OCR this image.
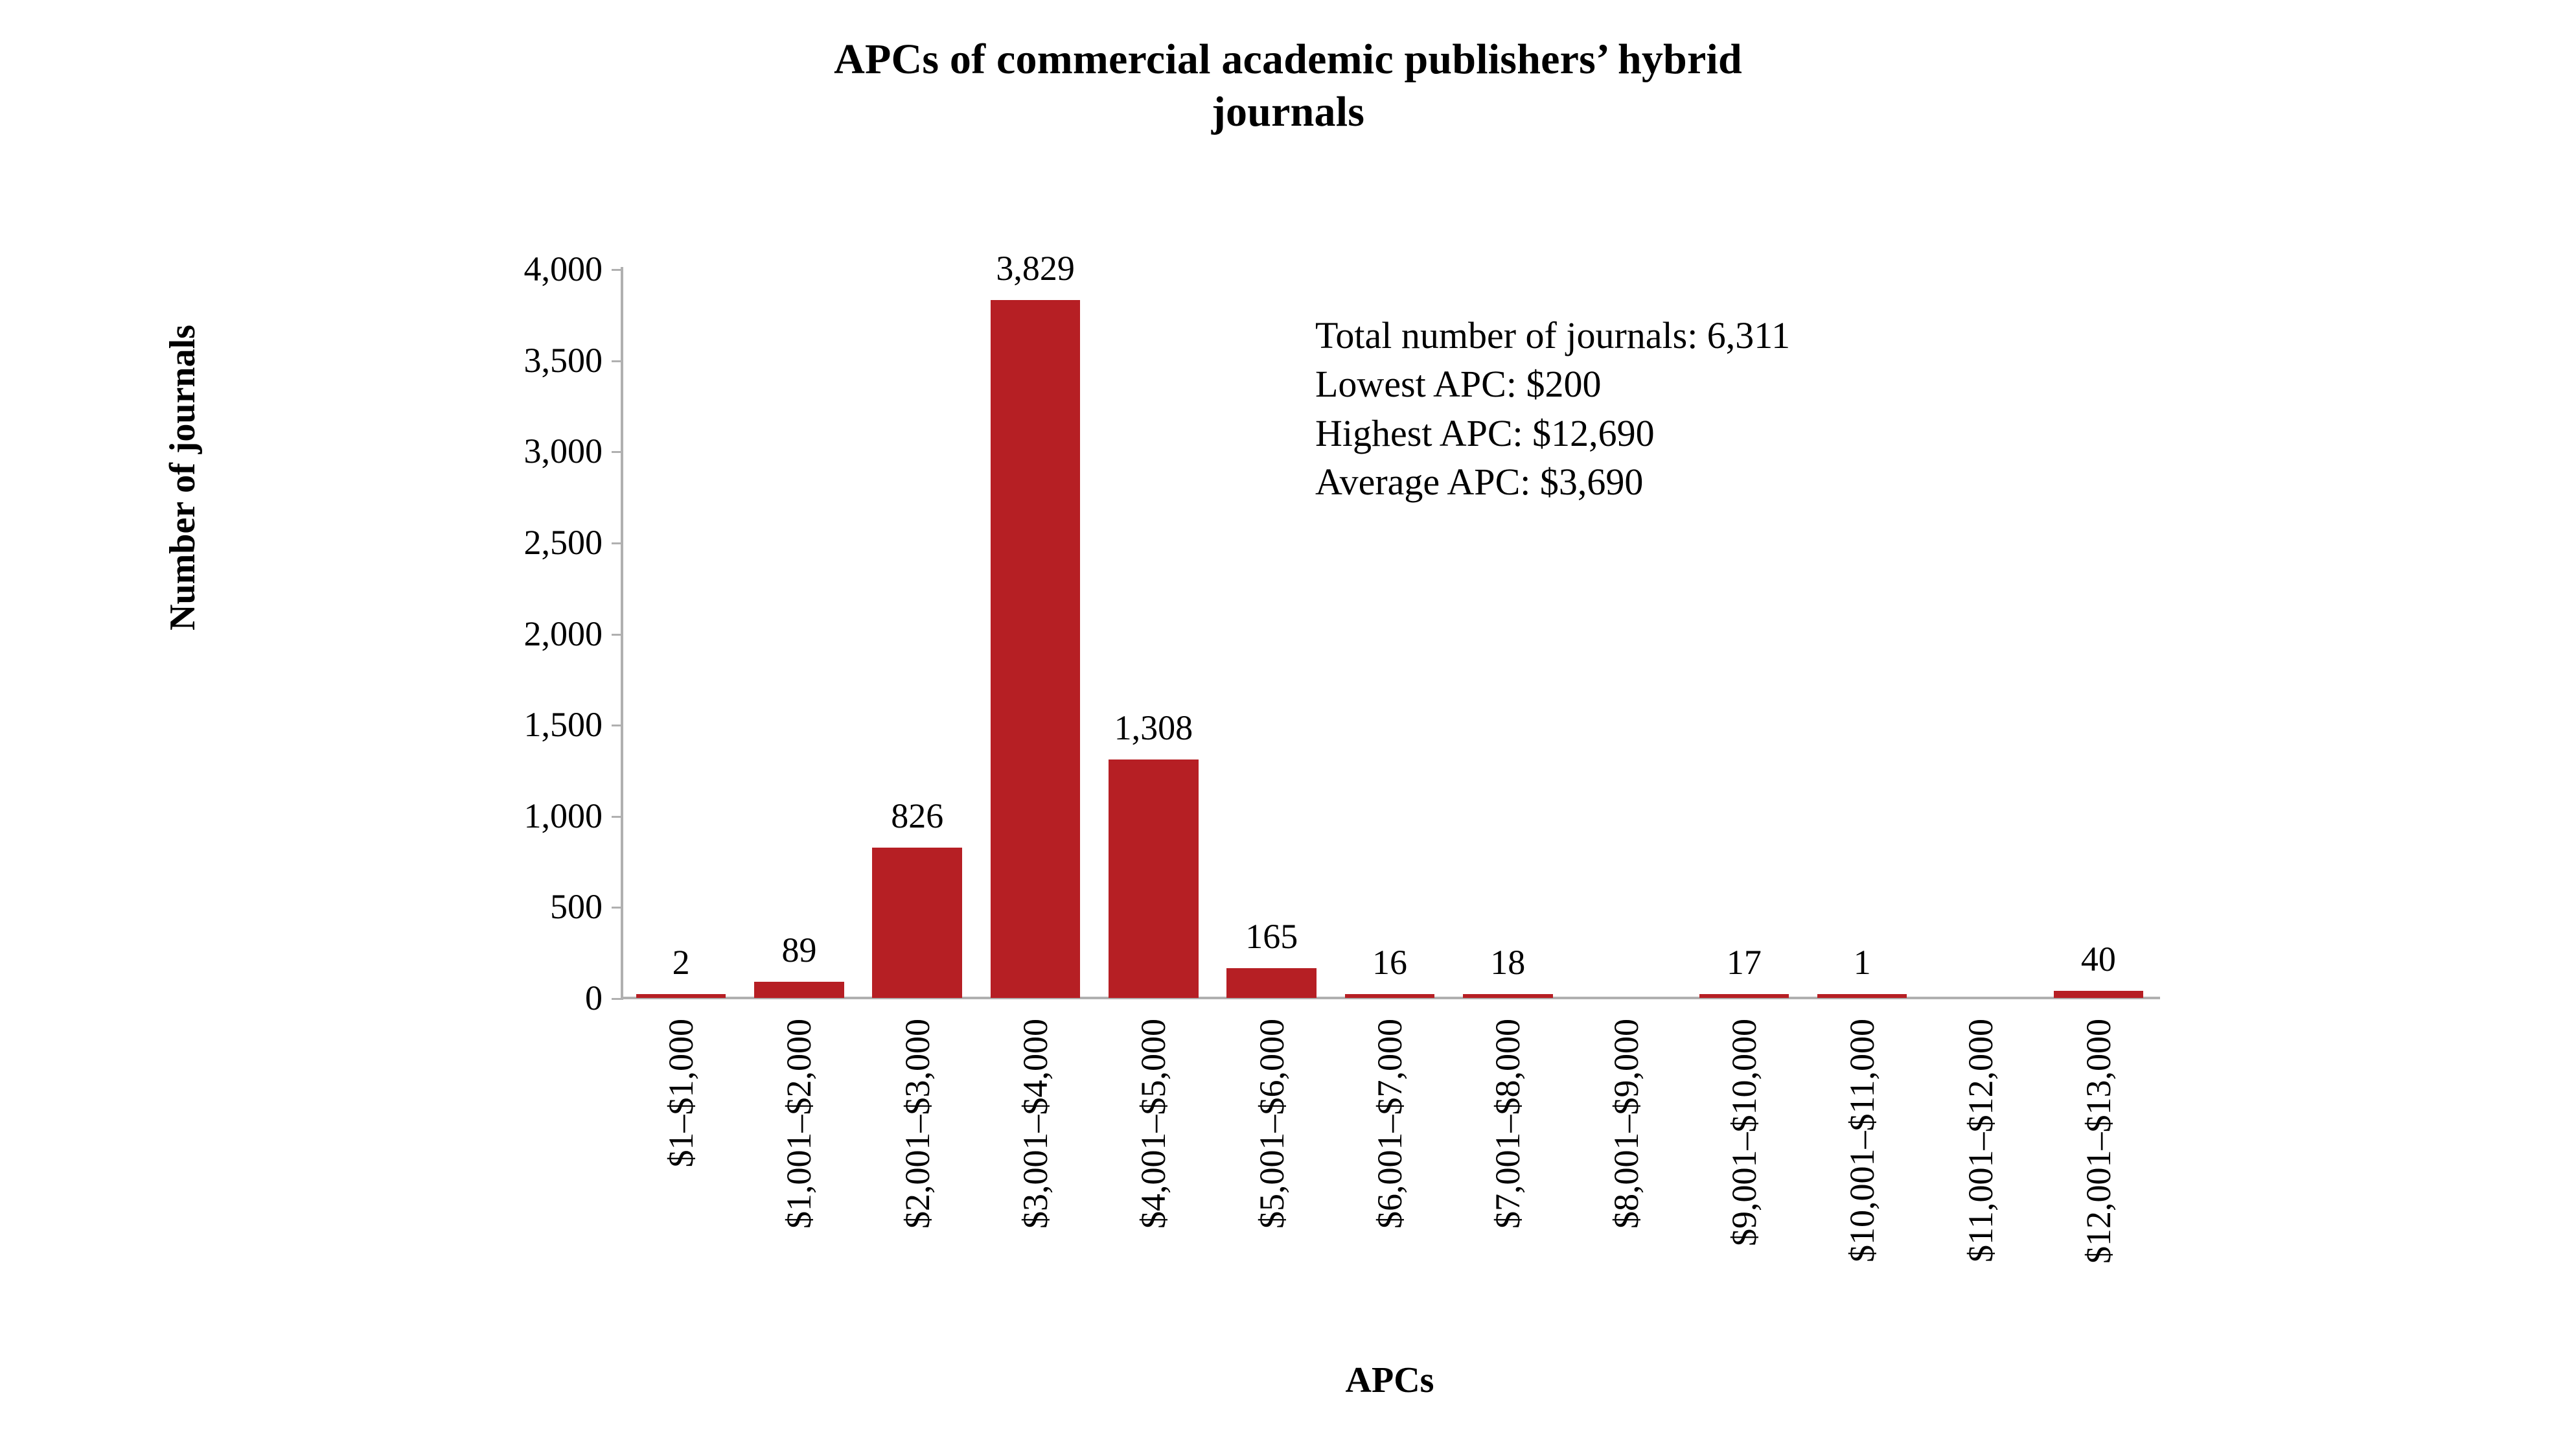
APCs of commercial academic publishers’ hybrid
journals
Number of journals
4,000
3,500
3,000
2,500
2,000
1,500
1,000
500
0
2	89
826
3,829
1,308
165
16	18	17	1	40
$1–$1,000 $1,001–$2,000 $2,001–$3,000 $3,001–$4,000 $4,001–$5,000 $5,001–$6,000 $6,001–$7,000 $7,001–$8,000 $8,001–$9,000 $9,001–$10,000 $10,001–$11,000 $11,001–$12,000 $12,001–$13,000
APCs
Total number of journals: 6,311
Lowest APC: $200
Highest APC: $12,690
Average APC: $3,690
